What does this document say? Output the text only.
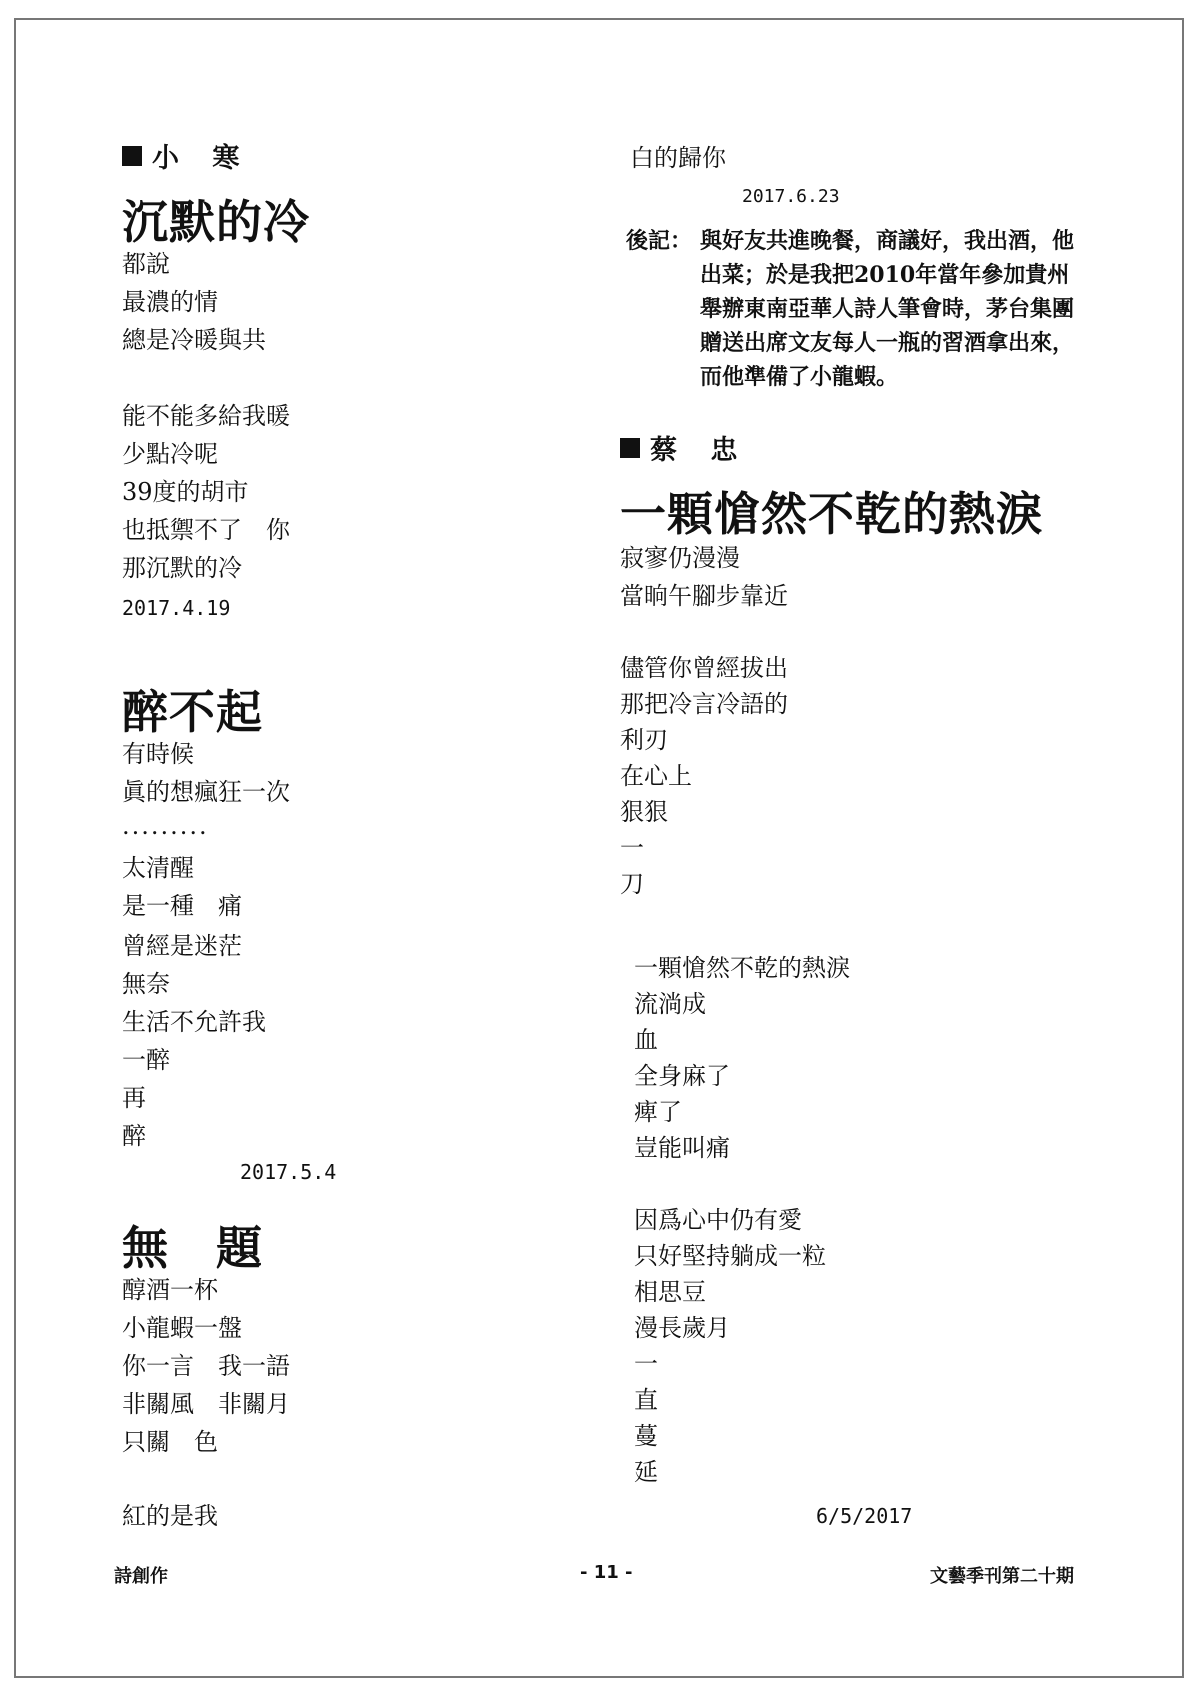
小 寒
沉默的冷
都說
最濃的情
總是冷暖與共
能不能多給我暖
少點冷呢
39度的胡市
也抵禦不了　你
那沉默的冷
2017.4.19
醉不起
有時候
眞的想瘋狂一次
.........
太清醒
是一種　痛
曾經是迷茫
無奈
生活不允許我
一醉
再
醉
2017.5.4
無　題
醇酒一杯
小龍蝦一盤
你一言　我一語
非關風　非關月
只關　色
紅的是我
白的歸你
2017.6.23
後記： 與好友共進晚餐，商議好，我出酒，他出菜；於是我把2010年當年參加貴州舉辦東南亞華人詩人筆會時，茅台集團贈送出席文友每人一瓶的習酒拿出來，而他準備了小龍蝦。
蔡 忠
一顆愴然不乾的熱淚
寂寥仍漫漫
當晌午腳步靠近
儘管你曾經拔出
那把冷言冷語的
利刃
在心上
狠狠
一
刀
一顆愴然不乾的熱淚
流淌成
血
全身麻了
痺了
豈能叫痛
因爲心中仍有愛
只好堅持躺成一粒
相思豆
漫長歲月
一
直
蔓
延
6/5/2017
詩創作	- 11 -	文藝季刊第二十期
